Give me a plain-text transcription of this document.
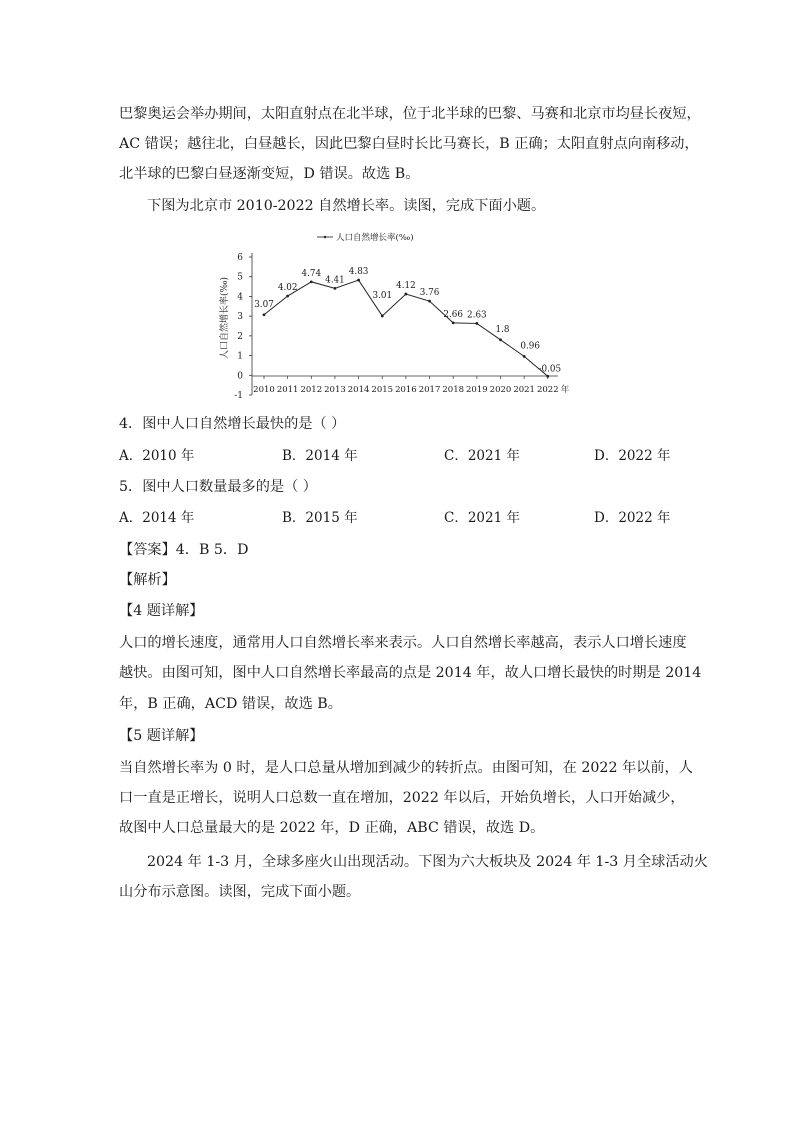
巴黎奥运会举办期间，太阳直射点在北半球，位于北半球的巴黎、马赛和北京市均昼长夜短，
AC 错误；越往北，白昼越长，因此巴黎白昼时长比马赛长，B 正确；太阳直射点向南移动，
北半球的巴黎白昼逐渐变短，D 错误。故选 B。
下图为北京市 2010-2022 自然增长率。读图，完成下面小题。
人口自然增长率(‰)
人口自然增长率(‰)
6
5
4
3
2
1
0
-1
2010 2011 2012 2013 2014 2015 2016 2017 2018 2019 2020 2021 2022 年
3.07
4.02
4.74
4.41
4.83
3.01
4.12
3.76
2.66 2.63
1.8
0.96
-0.05
4．图中人口自然增长最快的是（ ）
A．2010 年	B．2014 年	C．2021 年	D．2022 年
5．图中人口数量最多的是（ ）
A．2014 年	B．2015 年	C．2021 年	D．2022 年
【答案】4．B 5．D
【解析】
【4 题详解】
人口的增长速度，通常用人口自然增长率来表示。人口自然增长率越高，表示人口增长速度
越快。由图可知，图中人口自然增长率最高的点是 2014 年，故人口增长最快的时期是 2014
年，B 正确，ACD 错误，故选 B。
【5 题详解】
当自然增长率为 0 时，是人口总量从增加到减少的转折点。由图可知，在 2022 年以前，人
口一直是正增长，说明人口总数一直在增加，2022 年以后，开始负增长，人口开始减少，
故图中人口总量最大的是 2022 年，D 正确，ABC 错误，故选 D。
2024 年 1-3 月，全球多座火山出现活动。下图为六大板块及 2024 年 1-3 月全球活动火
山分布示意图。读图，完成下面小题。
